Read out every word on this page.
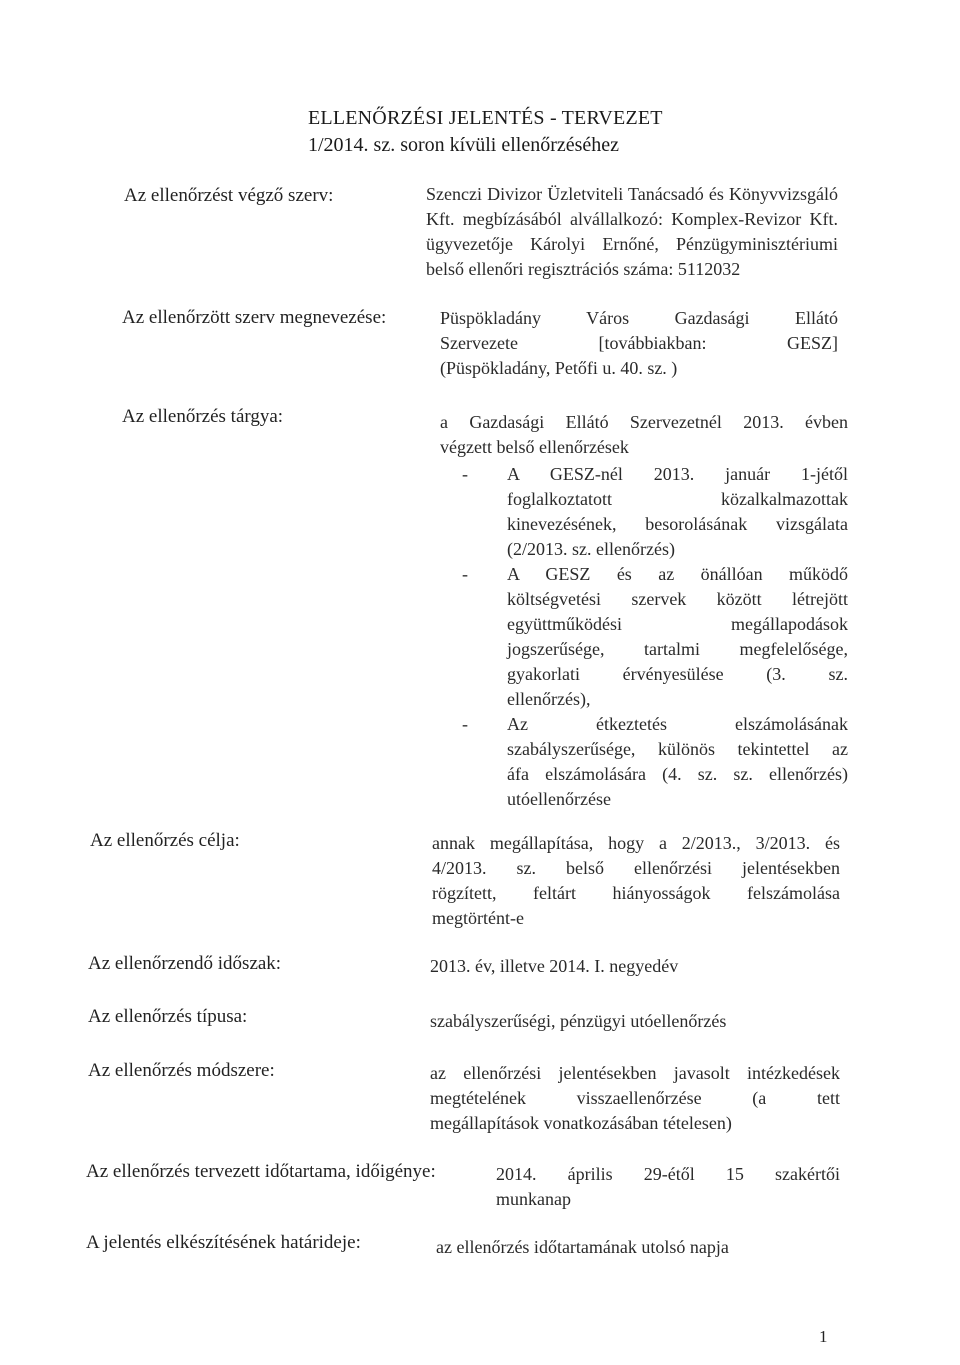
ELLENŐRZÉSI JELENTÉS - TERVEZET
1/2014. sz. soron kívüli ellenőrzéséhez
Az ellenőrzést végző szerv:	Szenczi Divizor Üzletviteli Tanácsadó és Könyvvizsgáló
Kft. megbízásából alvállalkozó: Komplex-Revizor Kft.
ügyvezetője Károlyi Ernőné, Pénzügyminisztériumi
belső ellenőri regisztrációs száma: 5112032
Az ellenőrzött szerv megnevezése:	Püspökladány Város Gazdasági Ellátó
Szervezete [továbbiakban: GESZ]
(Püspökladány, Petőfi u. 40. sz. )
Az ellenőrzés tárgya:	a Gazdasági Ellátó Szervezetnél 2013. évben
végzett belső ellenőrzések
- A GESZ-nél 2013. január 1-jétől
foglalkoztatott közalkalmazottak
kinevezésének, besorolásának vizsgálata
(2/2013. sz. ellenőrzés)
- A GESZ és az önállóan működő
költségvetési szervek között létrejött
együttműködési megállapodások
jogszerűsége, tartalmi megfelelősége,
gyakorlati érvényesülése (3. sz.
ellenőrzés),
- Az étkeztetés elszámolásának
szabályszerűsége, különös tekintettel az
áfa elszámolására (4. sz. sz. ellenőrzés)
utóellenőrzése
Az ellenőrzés célja:	annak megállapítása, hogy a 2/2013., 3/2013. és
4/2013. sz. belső ellenőrzési jelentésekben
rögzített, feltárt hiányosságok felszámolása
megtörtént-e
Az ellenőrzendő időszak:	2013. év, illetve 2014. I. negyedév
Az ellenőrzés típusa:	szabályszerűségi, pénzügyi utóellenőrzés
Az ellenőrzés módszere:	az ellenőrzési jelentésekben javasolt intézkedések
megtételének visszaellenőrzése (a tett
megállapítások vonatkozásában tételesen)
Az ellenőrzés tervezett időtartama, időigénye:	2014. április 29-étől 15 szakértői
munkanap
A jelentés elkészítésének határideje:	az ellenőrzés időtartamának utolsó napja
1
